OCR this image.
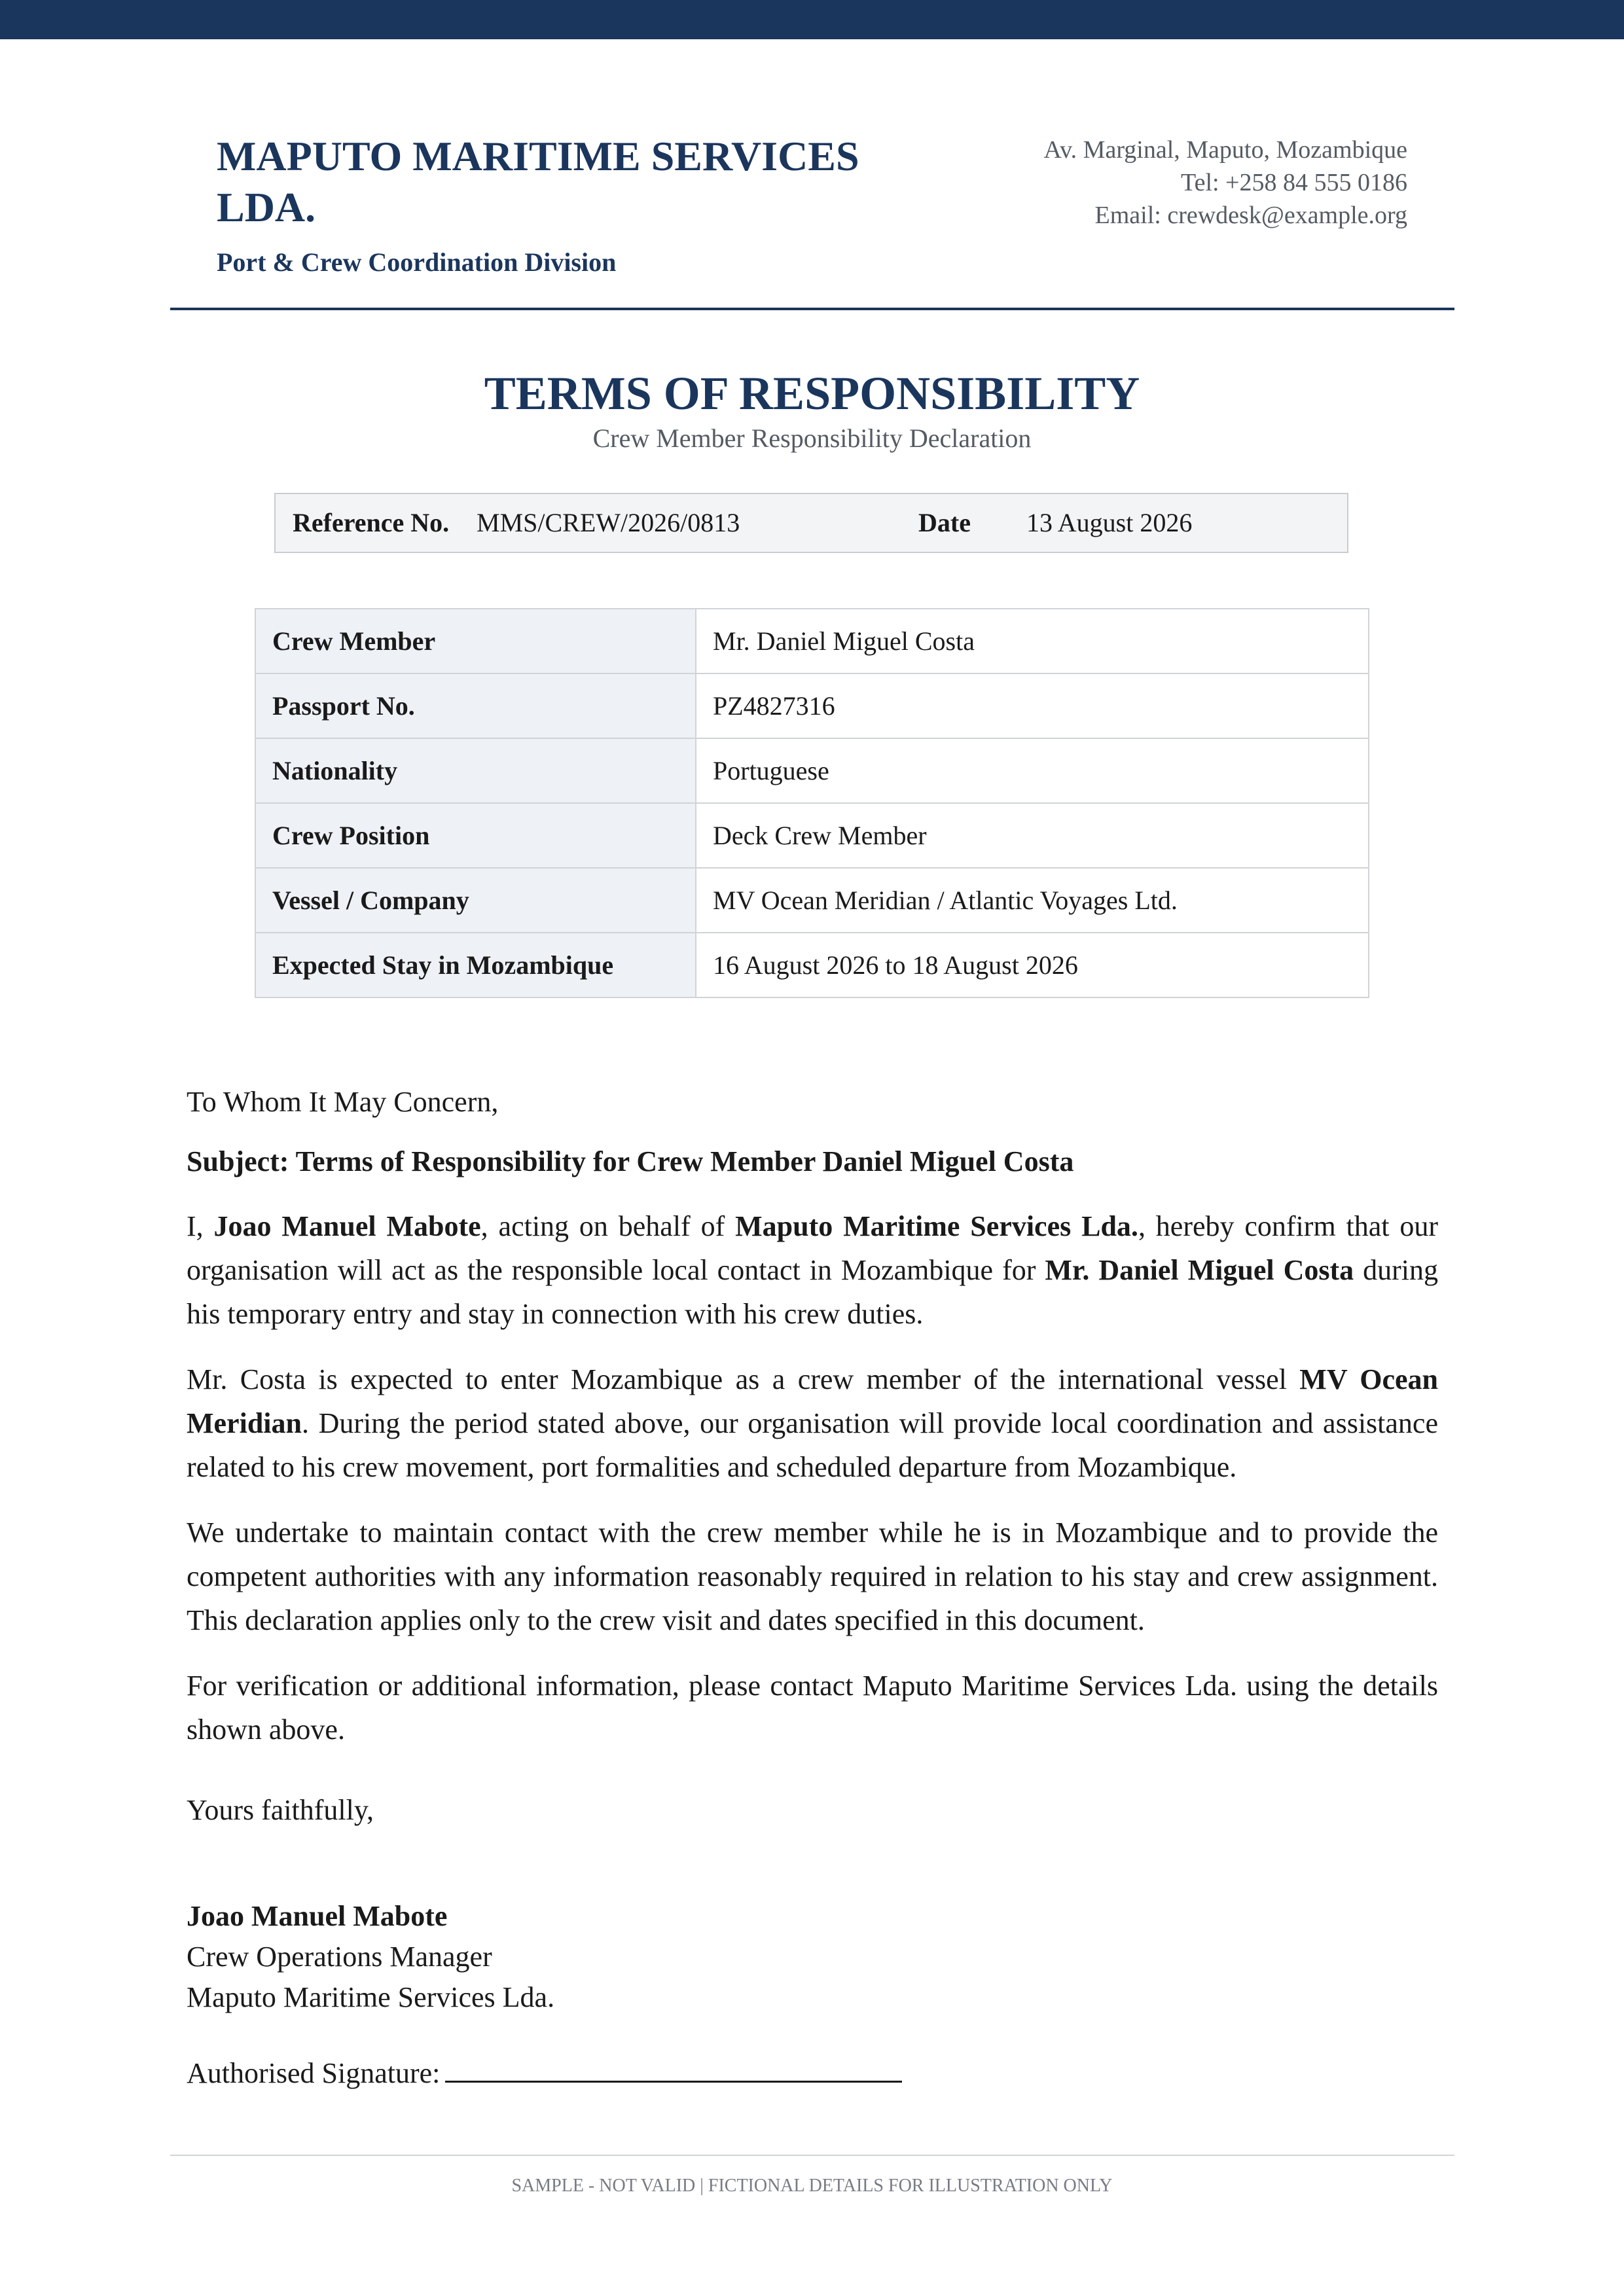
MAPUTO MARITIME SERVICES LDA.
Port & Crew Coordination Division
Av. Marginal, Maputo, Mozambique
Tel: +258 84 555 0186
Email: crewdesk@example.org
TERMS OF RESPONSIBILITY
Crew Member Responsibility Declaration
Reference No. MMS/CREW/2026/0813	Date 13 August 2026
Crew Member	Mr. Daniel Miguel Costa
Passport No.	PZ4827316
Nationality	Portuguese
Crew Position	Deck Crew Member
Vessel / Company	MV Ocean Meridian / Atlantic Voyages Ltd.
Expected Stay in Mozambique	16 August 2026 to 18 August 2026

To Whom It May Concern,

Subject: Terms of Responsibility for Crew Member Daniel Miguel Costa

I, Joao Manuel Mabote, acting on behalf of Maputo Maritime Services Lda., hereby confirm that our organisation will act as the responsible local contact in Mozambique for Mr. Daniel Miguel Costa during his temporary entry and stay in connection with his crew duties.

Mr. Costa is expected to enter Mozambique as a crew member of the international vessel MV Ocean Meridian. During the period stated above, our organisation will provide local coordination and assistance related to his crew movement, port formalities and scheduled departure from Mozambique.

We undertake to maintain contact with the crew member while he is in Mozambique and to provide the competent authorities with any information reasonably required in relation to his stay and crew assignment. This declaration applies only to the crew visit and dates specified in this document.

For verification or additional information, please contact Maputo Maritime Services Lda. using the details shown above.

Yours faithfully,

Joao Manuel Mabote
Crew Operations Manager
Maputo Maritime Services Lda.
Authorised Signature:
SAMPLE - NOT VALID | FICTIONAL DETAILS FOR ILLUSTRATION ONLY
